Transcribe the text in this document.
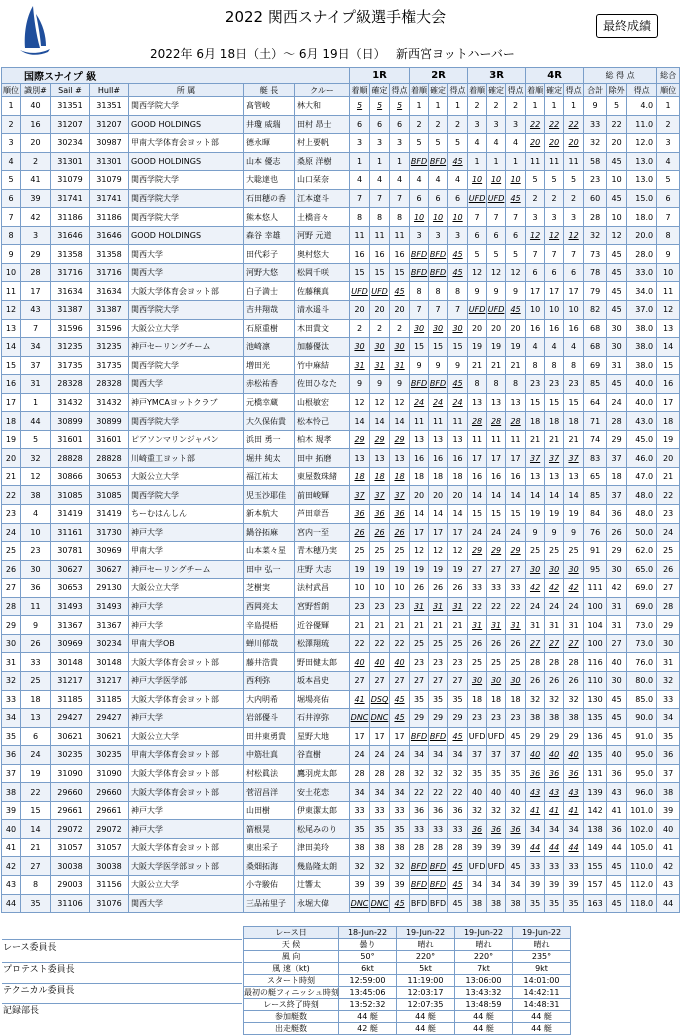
2022 関西スナイプ級選手権大会	最終成績
2022年 6月 18日（土）～ 6月 19日（日） 新西宮ヨットハーバー
国際スナイプ 級							1R			2R			3R			4R			総 得 点			総合
順位	識別#	Sail #	Hull#	所 属	艇 長	クルー	着順	確定	得点	着順	確定	得点	着順	確定	得点	着順	確定	得点	合計	除外	得点	順位
1	40	31351	31351	関西学院大学	髙管峻	林大和	5	5	5	1	1	1	2	2	2	1	1	1	9	5	4.0	1
2	16	31207	31207	GOOD HOLDINGS	井瓊 威瑞	田村 昂士	6	6	6	2	2	2	3	3	3	22	22	22	33	22	11.0	2
3	20	30234	30987	甲南大学体育会ヨット部	德永暉	村上要帆	3	3	3	5	5	5	4	4	4	20	20	20	32	20	12.0	3
4	2	31301	31301	GOOD HOLDINGS	山本 優志	桑原 洋樹	1	1	1	BFD	BFD	45	1	1	1	11	11	11	58	45	13.0	4
5	41	31079	31079	関西学院大学	大聡達也	山口栞奈	4	4	4	4	4	4	10	10	10	5	5	5	23	10	13.0	5
6	39	31741	31741	関西学院大学	石田穂の香	江本遼斗	7	7	7	6	6	6	UFD	UFD	45	2	2	2	60	45	15.0	6
7	42	31186	31186	関西学院大学	熊本悠人	土橋音々	8	8	8	10	10	10	7	7	7	3	3	3	28	10	18.0	7
8	3	31646	31646	GOOD HOLDINGS	森谷 幸雄	河野 元道	11	11	11	3	3	3	6	6	6	12	12	12	32	12	20.0	8
9	29	31358	31358	関西大学	田代彩子	奥村悠大	16	16	16	BFD	BFD	45	5	5	5	7	7	7	73	45	28.0	9
10	28	31716	31716	関西大学	河野大悠	松岡千咲	15	15	15	BFD	BFD	45	12	12	12	6	6	6	78	45	33.0	10
11	17	31634	31634	大阪大学体育会ヨット部	白子満士	佐藤穣真	UFD	UFD	45	8	8	8	9	9	9	17	17	17	79	45	34.0	11
12	43	31387	31387	関西学院大学	吉井翔哉	清水遥斗	20	20	20	7	7	7	UFD	UFD	45	10	10	10	82	45	37.0	12
13	7	31596	31596	大阪公立大学	石原重樹	木田貴文	2	2	2	30	30	30	20	20	20	16	16	16	68	30	38.0	13
14	34	31235	31235	神戸セーリングチーム	池崎凛	加藤優汰	30	30	30	15	15	15	19	19	19	4	4	4	68	30	38.0	14
15	37	31735	31735	関西学院大学	増田光	竹中麻結	31	31	31	9	9	9	21	21	21	8	8	8	69	31	38.0	15
16	31	28328	28328	関西大学	赤松祐香	佐田ひなた	9	9	9	BFD	BFD	45	8	8	8	23	23	23	85	45	40.0	16
17	1	31432	31432	神戸YMCAヨットクラブ	元橋幸蔵	山根敏宏	12	12	12	24	24	24	13	13	13	15	15	15	64	24	40.0	17
18	44	30899	30899	関西学院大学	大久保佑貴	松本怜己	14	14	14	11	11	11	28	28	28	18	18	18	71	28	43.0	18
19	5	31601	31601	ピアソンマリンジャパン	浜田 勇一	柏木 規孝	29	29	29	13	13	13	11	11	11	21	21	21	74	29	45.0	19
20	32	28828	28828	川崎重工ヨット部	堀井 純太	田中 拓磨	13	13	13	16	16	16	17	17	17	37	37	37	83	37	46.0	20
21	12	30866	30653	大阪公立大学	福江祐太	東屋数珠緒	18	18	18	18	18	18	16	16	16	13	13	13	65	18	47.0	21
22	38	31085	31085	関西学院大学	児玉沙耶佳	前田峻輝	37	37	37	20	20	20	14	14	14	14	14	14	85	37	48.0	22
23	4	31419	31419	ちーむはんしん	新本航大	芦田章吾	36	36	36	14	14	14	15	15	15	19	19	19	84	36	48.0	23
24	10	31161	31730	神戸大学	鍋谷拓麻	宮内一至	26	26	26	17	17	17	24	24	24	9	9	9	76	26	50.0	24
25	23	30781	30969	甲南大学	山本菜々星	青木穂乃実	25	25	25	12	12	12	29	29	29	25	25	25	91	29	62.0	25
26	30	30627	30627	神戸セーリングチーム	田中 弘一	庄野 大志	19	19	19	19	19	19	27	27	27	30	30	30	95	30	65.0	26
27	36	30653	29130	大阪公立大学	芝樹実	法村武昌	10	10	10	26	26	26	33	33	33	42	42	42	111	42	69.0	27
28	11	31493	31493	神戸大学	西岡亮太	宮野哲朗	23	23	23	31	31	31	22	22	22	24	24	24	100	31	69.0	28
29	9	31367	31367	神戸大学	辛島提梧	近谷優輝	21	21	21	21	21	21	31	31	31	31	31	31	104	31	73.0	29
30	26	30969	30234	甲南大学OB	蝉川郁哉	松澤翔琉	22	22	22	25	25	25	26	26	26	27	27	27	100	27	73.0	30
31	33	30148	30148	大阪大学体育会ヨット部	藤井浩貴	野田健太郎	40	40	40	23	23	23	25	25	25	28	28	28	116	40	76.0	31
32	25	31217	31217	神戸大学医学部	西利弥	坂本昌史	27	27	27	27	27	27	30	30	30	26	26	26	110	30	80.0	32
33	18	31185	31185	大阪大学体育会ヨット部	大内明希	堀場亮佑	41	DSQ	45	35	35	35	18	18	18	32	32	32	130	45	85.0	33
34	13	29427	29427	神戸大学	岩部優斗	石井淳弥	DNC	DNC	45	29	29	29	23	23	23	38	38	38	135	45	90.0	34
35	6	30621	30621	大阪公立大学	田井東勇貴	星野大地	17	17	17	BFD	BFD	45	UFD	UFD	45	29	29	29	136	45	91.0	35
36	24	30235	30235	甲南大学体育会ヨット部	中筋壮真	谷直樹	24	24	24	34	34	34	37	37	37	40	40	40	135	40	95.0	36
37	19	31090	31090	大阪大学体育会ヨット部	村松眞法	鷹羽虎太郎	28	28	28	32	32	32	35	35	35	36	36	36	131	36	95.0	37
38	22	29660	29660	大阪大学体育会ヨット部	菅沼昌洋	安土花恋	34	34	34	22	22	22	40	40	40	43	43	43	139	43	96.0	38
39	15	29661	29661	神戸大学	山田樹	伊東潔太郎	33	33	33	36	36	36	32	32	32	41	41	41	142	41	101.0	39
40	14	29072	29072	神戸大学	箭根晃	松尾みのり	35	35	35	33	33	33	36	36	36	34	34	34	138	36	102.0	40
41	21	31057	31057	大阪大学体育会ヨット部	東出采子	津田美玲	38	38	38	28	28	28	39	39	39	44	44	44	149	44	105.0	41
42	27	30038	30038	大阪大学医学部ヨット部	桑畑拓海	幾島隆太朗	32	32	32	BFD	BFD	45	UFD	UFD	45	33	33	33	155	45	110.0	42
43	8	29003	31156	大阪公立大学	小寺駿佑	辻響太	39	39	39	BFD	BFD	45	34	34	34	39	39	39	157	45	112.0	43
44	35	31106	31076	関西大学	三品祐里子	永堀大偉	DNC	DNC	45	BFD	BFD	45	38	38	38	35	35	35	163	45	118.0	44
レース委員長
プロテスト委員長
テクニカル委員長
記録部長
レース日	18-Jun-22	19-Jun-22	19-Jun-22	19-Jun-22
天 候	曇り	晴れ	晴れ	晴れ
風 向	50°	220°	220°	235°
風 速（kt)	6kt	5kt	7kt	9kt
スタート時刻	12:59:00	11:19:00	13:06:00	14:01:00
最初の艇フィニッシュ時刻	13:45:06	12:03:17	13:43:32	14:42:11
レース終了時刻	13:52:32	12:07:35	13:48:59	14:48:31
参加艇数	44 艇	44 艇	44 艇	44 艇
出走艇数	42 艇	44 艇	44 艇	44 艇
